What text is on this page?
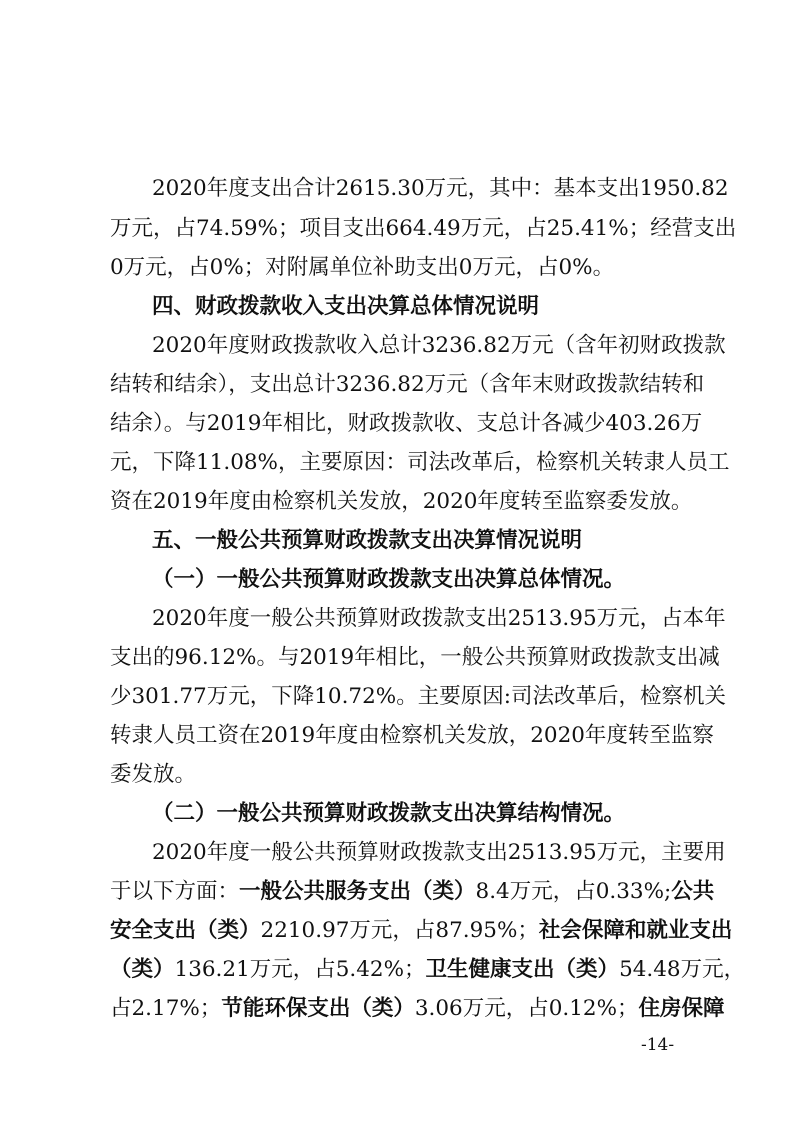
2020年度支出合计2615.30万元，其中：基本支出1950.82
万元，占74.59%；项目支出664.49万元，占25.41%；经营支出
0万元，占0%；对附属单位补助支出0万元，占0%。
四、财政拨款收入支出决算总体情况说明
2020年度财政拨款收入总计3236.82万元（含年初财政拨款
结转和结余），支出总计3236.82万元（含年末财政拨款结转和
结余）。与2019年相比，财政拨款收、支总计各减少403.26万
元，下降11.08%，主要原因：司法改革后，检察机关转隶人员工
资在2019年度由检察机关发放，2020年度转至监察委发放。
五、一般公共预算财政拨款支出决算情况说明
（一）一般公共预算财政拨款支出决算总体情况。
2020年度一般公共预算财政拨款支出2513.95万元，占本年
支出的96.12%。与2019年相比，一般公共预算财政拨款支出减
少301.77万元，下降10.72%。主要原因:司法改革后，检察机关
转隶人员工资在2019年度由检察机关发放，2020年度转至监察
委发放。
（二）一般公共预算财政拨款支出决算结构情况。
2020年度一般公共预算财政拨款支出2513.95万元，主要用
于以下方面：一般公共服务支出（类）8.4万元，占0.33%;公共
安全支出（类）2210.97万元，占87.95%；社会保障和就业支出
（类）136.21万元，占5.42%；卫生健康支出（类）54.48万元，
占2.17%；节能环保支出（类）3.06万元，占0.12%；住房保障
-14-
